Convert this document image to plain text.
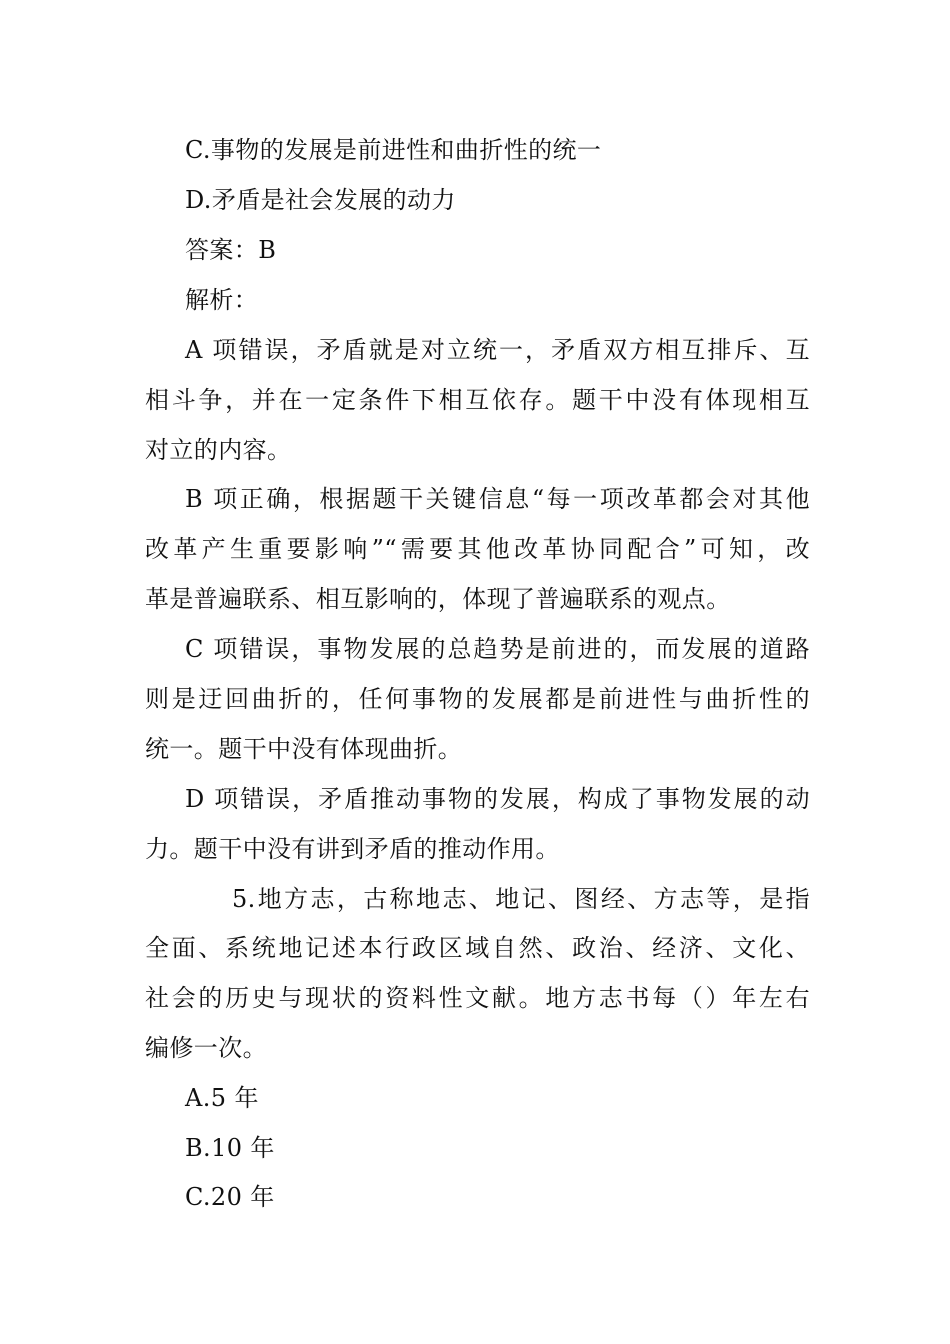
C.事物的发展是前进性和曲折性的统一
D.矛盾是社会发展的动力
答案：B
解析：
A 项错误，矛盾就是对立统一，矛盾双方相互排斥、互
相斗争，并在一定条件下相互依存。题干中没有体现相互
对立的内容。
B 项正确，根据题干关键信息“每一项改革都会对其他
改革产生重要影响”“需要其他改革协同配合”可知，改
革是普遍联系、相互影响的，体现了普遍联系的观点。
C 项错误，事物发展的总趋势是前进的，而发展的道路
则是迂回曲折的，任何事物的发展都是前进性与曲折性的
统一。题干中没有体现曲折。
D 项错误，矛盾推动事物的发展，构成了事物发展的动
力。题干中没有讲到矛盾的推动作用。
5.地方志，古称地志、地记、图经、方志等，是指
全面、系统地记述本行政区域自然、政治、经济、文化、
社会的历史与现状的资料性文献。地方志书每（）年左右
编修一次。
A.5 年
B.10 年
C.20 年
